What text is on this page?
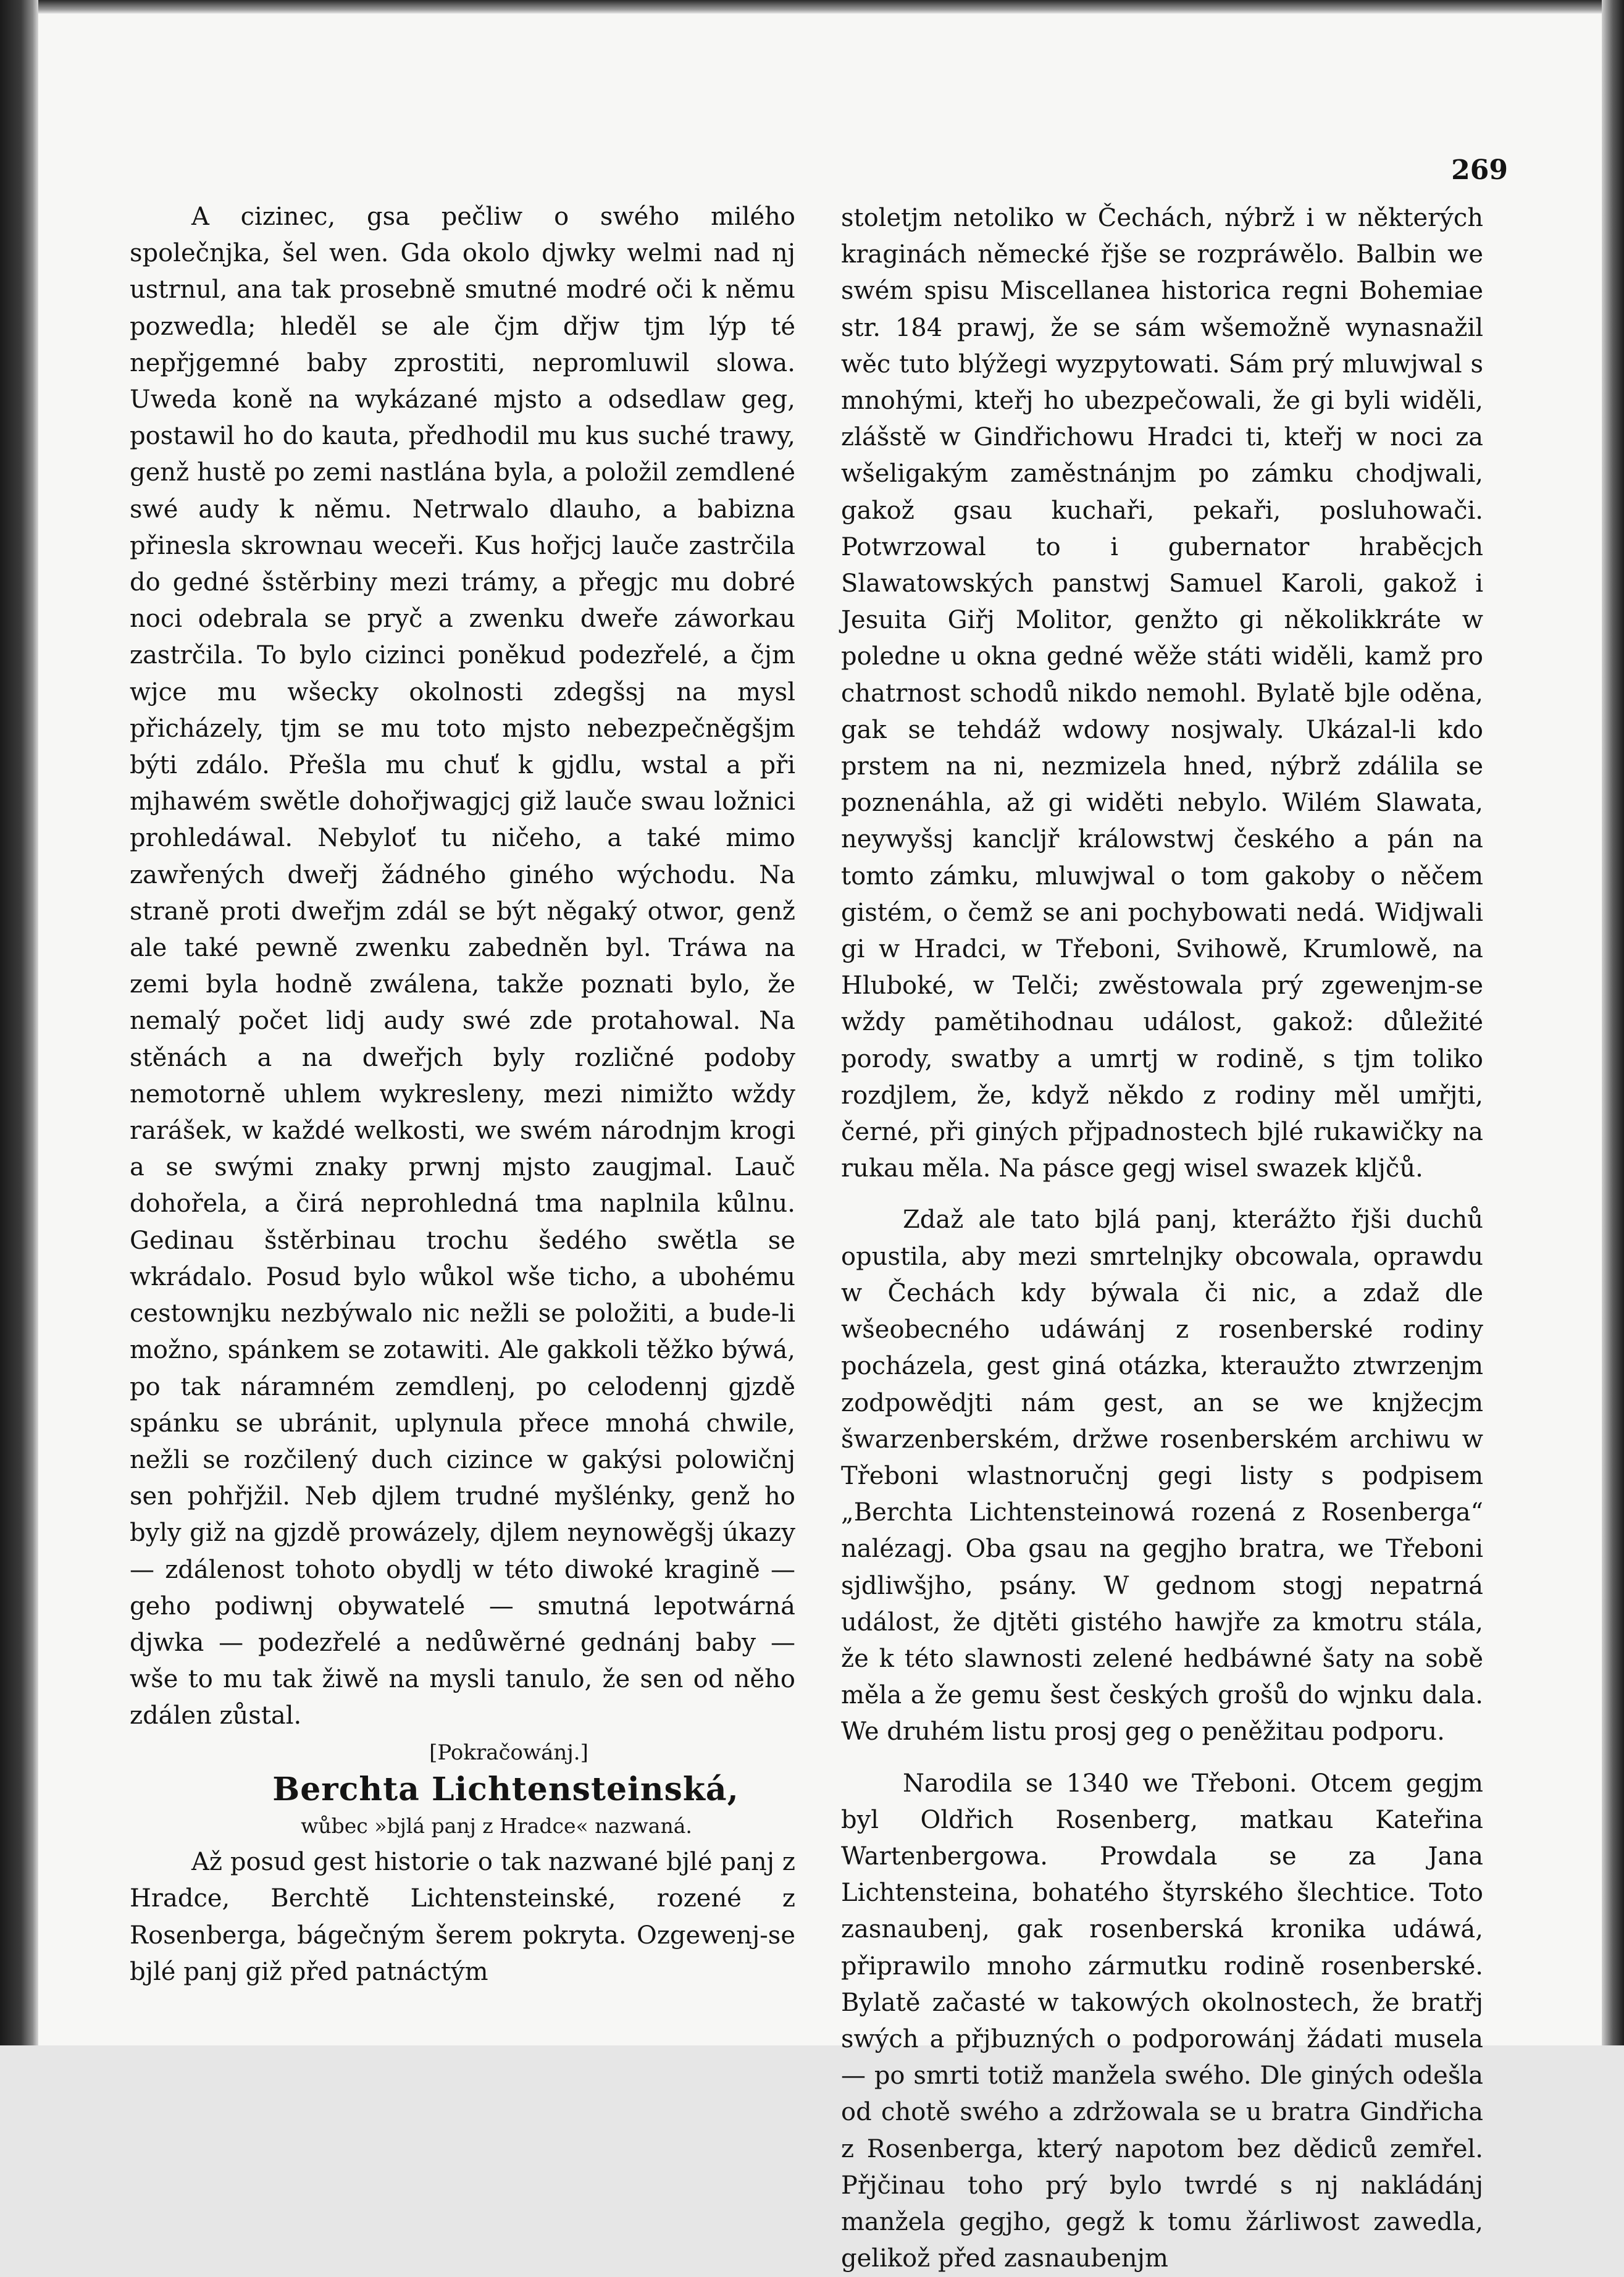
269

A cizinec, gsa pečliw o swého milého společnjka, šel wen. Gda okolo djwky welmi nad nj ustrnul, ana tak prosebně smutné modré oči k němu pozwedla; hleděl se ale čjm dřjw tjm lýp té nepřjgemné baby zprostiti, nepromluwil slowa. Uweda koně na wykázané mjsto a odsedlaw geg, postawil ho do kauta, předhodil mu kus suché trawy, genž hustě po zemi nastlána byla, a položil zemdlené swé audy k němu. Netrwalo dlauho, a babizna přinesla skrownau weceři. Kus hořjcj lauče zastrčila do gedné šstěrbiny mezi trámy, a přegjc mu dobré noci odebrala se pryč a zwenku dweře záworkau zastrčila. To bylo cizinci poněkud podezřelé, a čjm wjce mu wšecky okolnosti zdegšsj na mysl přicházely, tjm se mu toto mjsto nebezpečněgšjm býti zdálo. Přešla mu chuť k gjdlu, wstal a při mjhawém swětle dohořjwagjcj giž lauče swau ložnici prohledáwal. Nebyloť tu ničeho, a také mimo zawřených dweřj žádného giného wýchodu. Na straně proti dweřjm zdál se být něgaký otwor, genž ale také pewně zwenku zabedněn byl. Tráwa na zemi byla hodně zwálena, takže poznati bylo, že nemalý počet lidj audy swé zde protahowal. Na stěnách a na dweřjch byly rozličné podoby nemotorně uhlem wykresleny, mezi nimižto wždy rarášek, w každé welkosti, we swém národnjm krogi a se swými znaky prwnj mjsto zaugjmal. Lauč dohořela, a čirá neprohledná tma naplnila kůlnu. Gedinau šstěrbinau trochu šedého swětla se wkrádalo. Posud bylo wůkol wše ticho, a ubohému cestownjku nezbýwalo nic nežli se položiti, a bude-li možno, spánkem se zotawiti. Ale gakkoli těžko býwá, po tak náramném zemdlenj, po celodennj gjzdě spánku se ubránit, uplynula přece mnohá chwile, nežli se rozčilený duch cizince w gakýsi polowičnj sen pohřjžil. Neb djlem trudné myšlénky, genž ho byly giž na gjzdě prowázely, djlem neynowěgšj úkazy — zdálenost tohoto obydlj w této diwoké kragině — geho podiwnj obywatelé — smutná lepotwárná djwka — podezřelé a nedůwěrné gednánj baby — wše to mu tak žiwě na mysli tanulo, že sen od něho zdálen zůstal.

[Pokračowánj.]

Berchta Lichtensteinská,

wůbec »bjlá panj z Hradce« nazwaná.

Až posud gest historie o tak nazwané bjlé panj z Hradce, Berchtě Lichtensteinské, rozené z Rosenberga, bágečným šerem pokryta. Ozgewenj-se bjlé panj giž před patnáctým

stoletjm netoliko w Čechách, nýbrž i w některých kraginách německé řjše se rozpráwělo. Balbin we swém spisu Miscellanea historica regni Bohemiae str. 184 prawj, že se sám wšemožně wynasnažil wěc tuto blýžegi wyzpytowati. Sám prý mluwjwal s mnohými, kteřj ho ubezpečowali, že gi byli widěli, zlášstě w Gindřichowu Hradci ti, kteřj w noci za wšeligakým zaměstnánjm po zámku chodjwali, gakož gsau kuchaři, pekaři, posluhowači. Potwrzowal to i gubernator hraběcjch Slawatowských panstwj Samuel Karoli, gakož i Jesuita Giřj Molitor, genžto gi několikkráte w poledne u okna gedné wěže státi widěli, kamž pro chatrnost schodů nikdo nemohl. Bylatě bjle oděna, gak se tehdáž wdowy nosjwaly. Ukázal-li kdo prstem na ni, nezmizela hned, nýbrž zdálila se poznenáhla, až gi widěti nebylo. Wilém Slawata, neywyšsj kancljř králowstwj českého a pán na tomto zámku, mluwjwal o tom gakoby o něčem gistém, o čemž se ani pochybowati nedá. Widjwali gi w Hradci, w Třeboni, Svihowě, Krumlowě, na Hluboké, w Telči; zwěstowala prý zgewenjm-se wždy pamětihodnau událost, gakož: důležité porody, swatby a umrtj w rodině, s tjm toliko rozdjlem, že, když někdo z rodiny měl umřjti, černé, při giných přjpadnostech bjlé rukawičky na rukau měla. Na pásce gegj wisel swazek kljčů.

Zdaž ale tato bjlá panj, kterážto řjši duchů opustila, aby mezi smrtelnjky obcowala, oprawdu w Čechách kdy býwala či nic, a zdaž dle wšeobecného udáwánj z rosenberské rodiny pocházela, gest giná otázka, kteraužto ztwrzenjm zodpowědjti nám gest, an se we knjžecjm šwarzenberském, držwe rosenberském archiwu w Třeboni wlastnoručnj gegi listy s podpisem „Berchta Lichtensteinowá rozená z Rosenberga“ nalézagj. Oba gsau na gegjho bratra, we Třeboni sjdliwšjho, psány. W gednom stogj nepatrná událost, že djtěti gistého hawjře za kmotru stála, že k této slawnosti zelené hedbáwné šaty na sobě měla a že gemu šest českých grošů do wjnku dala. We druhém listu prosj geg o peněžitau podporu.

Narodila se 1340 we Třeboni. Otcem gegjm byl Oldřich Rosenberg, matkau Kateřina Wartenbergowa. Prowdala se za Jana Lichtensteina, bohatého štyrského šlechtice. Toto zasnaubenj, gak rosenberská kronika udáwá, připrawilo mnoho zármutku rodině rosenberské. Bylatě začasté w takowých okolnostech, že bratřj swých a přjbuzných o podporowánj žádati musela — po smrti totiž manžela swého. Dle giných odešla od chotě swého a zdržowala se u bratra Gindřicha z Rosenberga, který napotom bez dědiců zemřel. Přjčinau toho prý bylo twrdé s nj nakládánj manžela gegjho, gegž k tomu žárliwost zawedla, gelikož před zasnaubenjm
